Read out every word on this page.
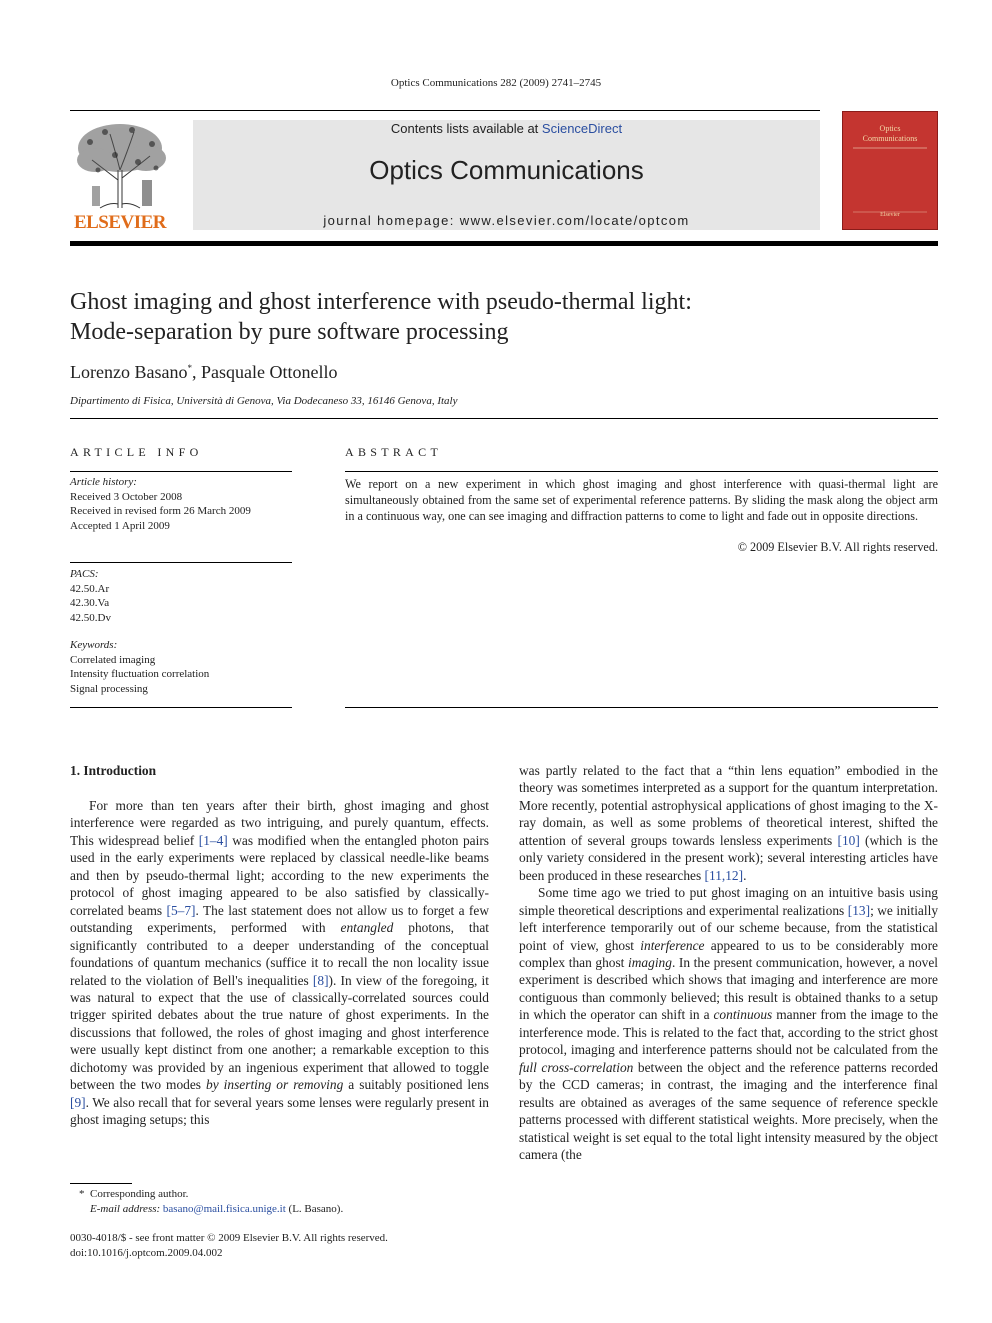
Optics Communications 282 (2009) 2741–2745
ELSEVIER
Contents lists available at ScienceDirect
Optics Communications
journal homepage: www.elsevier.com/locate/optcom
Optics
Communications
Elsevier
Ghost imaging and ghost interference with pseudo-thermal light:
Mode-separation by pure software processing
Lorenzo Basano*, Pasquale Ottonello
Dipartimento di Fisica, Università di Genova, Via Dodecaneso 33, 16146 Genova, Italy
ARTICLE INFO
Article history:
Received 3 October 2008
Received in revised form 26 March 2009
Accepted 1 April 2009
PACS:
42.50.Ar
42.30.Va
42.50.Dv
Keywords:
Correlated imaging
Intensity fluctuation correlation
Signal processing
ABSTRACT
We report on a new experiment in which ghost imaging and ghost interference with quasi-thermal light are simultaneously obtained from the same set of experimental reference patterns. By sliding the mask along the object arm in a continuous way, one can see imaging and diffraction patterns to come to light and fade out in opposite directions.
© 2009 Elsevier B.V. All rights reserved.
1. Introduction

For more than ten years after their birth, ghost imaging and ghost interference were regarded as two intriguing, and purely quantum, effects. This widespread belief [1–4] was modified when the entangled photon pairs used in the early experiments were replaced by classical needle-like beams and then by pseudo-thermal light; according to the new experiments the protocol of ghost imaging appeared to be also satisfied by classically-correlated beams [5–7]. The last statement does not allow us to forget a few outstanding experiments, performed with entangled photons, that significantly contributed to a deeper understanding of the conceptual foundations of quantum mechanics (suffice it to recall the non locality issue related to the violation of Bell's inequalities [8]). In view of the foregoing, it was natural to expect that the use of classically-correlated sources could trigger spirited debates about the true nature of ghost experiments. In the discussions that followed, the roles of ghost imaging and ghost interference were usually kept distinct from one another; a remarkable exception to this dichotomy was provided by an ingenious experiment that allowed to toggle between the two modes by inserting or removing a suitably positioned lens [9]. We also recall that for several years some lenses were regularly present in ghost imaging setups; this

was partly related to the fact that a “thin lens equation” embodied in the theory was sometimes interpreted as a support for the quantum interpretation. More recently, potential astrophysical applications of ghost imaging to the X-ray domain, as well as some problems of theoretical interest, shifted the attention of several groups towards lensless experiments [10] (which is the only variety considered in the present work); several interesting articles have been produced in these researches [11,12].

Some time ago we tried to put ghost imaging on an intuitive basis using simple theoretical descriptions and experimental realizations [13]; we initially left interference temporarily out of our scheme because, from the statistical point of view, ghost interference appeared to us to be considerably more complex than ghost imaging. In the present communication, however, a novel experiment is described which shows that imaging and interference are more contiguous than commonly believed; this result is obtained thanks to a setup in which the operator can shift in a continuous manner from the image to the interference mode. This is related to the fact that, according to the strict ghost protocol, imaging and interference patterns should not be calculated from the full cross-correlation between the object and the reference patterns recorded by the CCD cameras; in contrast, the imaging and the interference final results are obtained as averages of the same sequence of reference speckle patterns processed with different statistical weights. More precisely, when the statistical weight is set equal to the total light intensity measured by the object camera (the

* Corresponding author.
E-mail address: basano@mail.fisica.unige.it (L. Basano).
0030-4018/$ - see front matter © 2009 Elsevier B.V. All rights reserved.
doi:10.1016/j.optcom.2009.04.002
